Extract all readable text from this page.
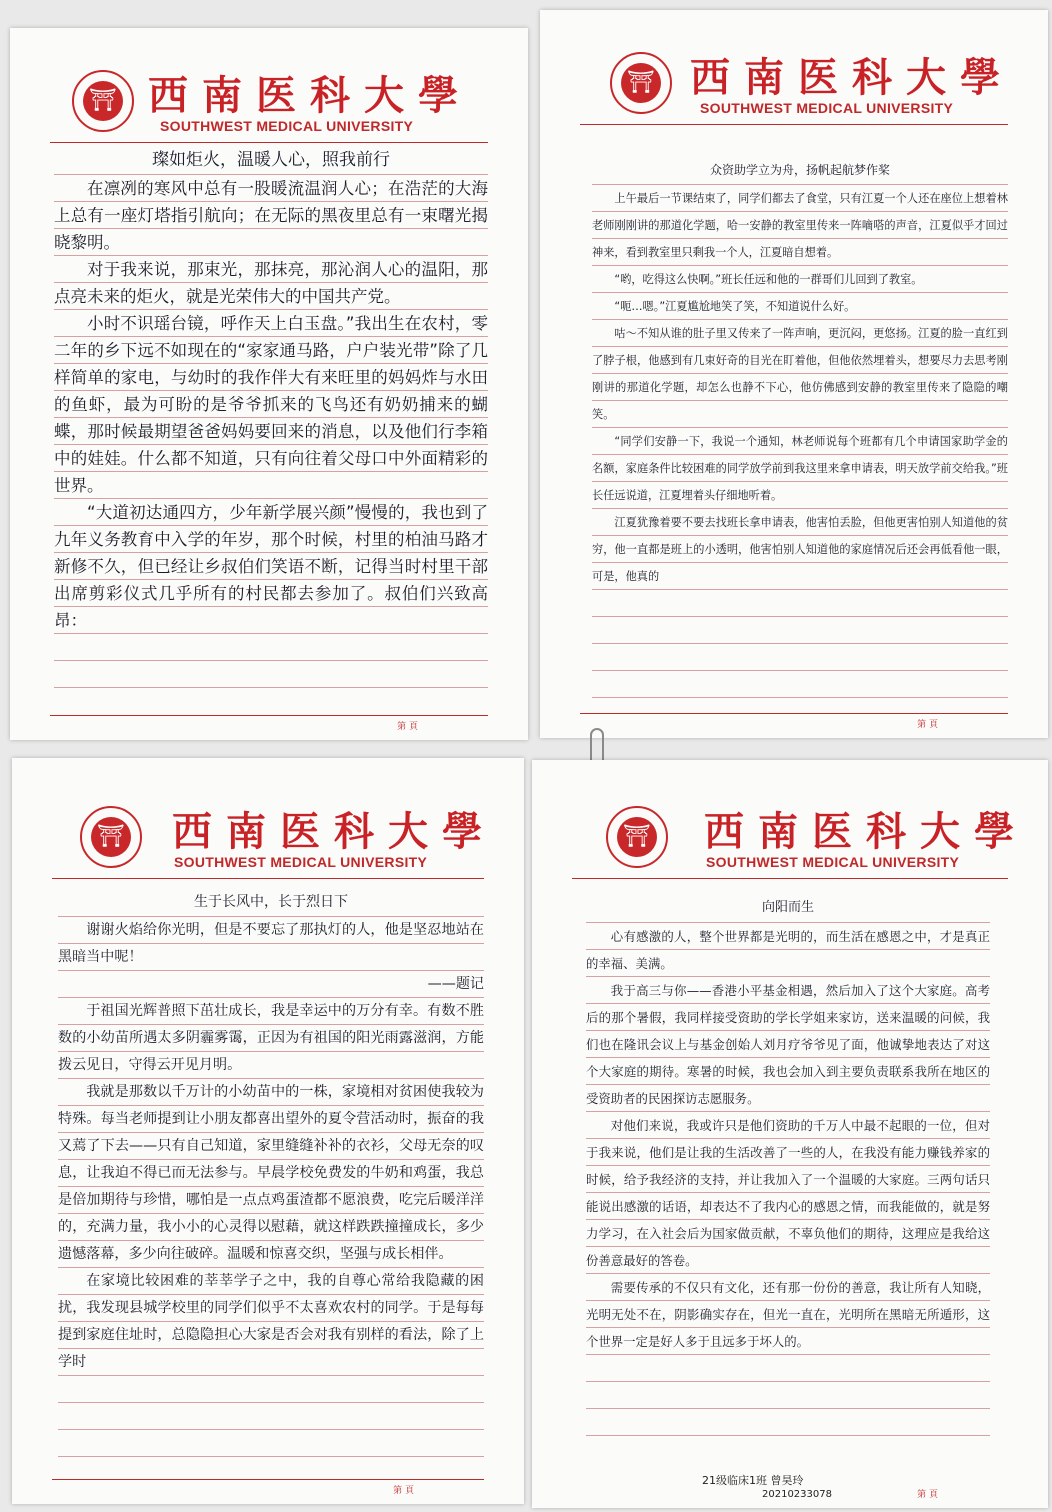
⛩ 西南医科大學
SOUTHWEST MEDICAL UNIVERSITY
璨如炬火，温暖人心，照我前行

在凛冽的寒风中总有一股暖流温润人心；在浩茫的大海上总有一座灯塔指引航向；在无际的黑夜里总有一束曙光揭晓黎明。

对于我来说，那束光，那抹亮，那沁润人心的温阳，那点亮未来的炬火，就是光荣伟大的中国共产党。

小时不识瑶台镜，呼作天上白玉盘。”我出生在农村，零二年的乡下远不如现在的“家家通马路，户户装光带”除了几样简单的家电，与幼时的我作伴大有来旺里的妈妈炸与水田的鱼虾，最为可盼的是爷爷抓来的飞鸟还有奶奶捕来的蝴蝶，那时候最期望爸爸妈妈要回来的消息，以及他们行李箱中的娃娃。什么都不知道，只有向往着父母口中外面精彩的世界。

“大道初达通四方，少年新学展兴颜”慢慢的，我也到了九年义务教育中入学的年岁，那个时候，村里的柏油马路才新修不久，但已经让乡叔伯们笑语不断，记得当时村里干部出席剪彩仪式几乎所有的村民都去参加了。叔伯们兴致高昂：

第 頁
⛩ 西南医科大學
SOUTHWEST MEDICAL UNIVERSITY
众资助学立为舟，扬帆起航梦作桨

上午最后一节课结束了，同学们都去了食堂，只有江夏一个人还在座位上想着林老师刚刚讲的那道化学题，哈一安静的教室里传来一阵嘀嗒的声音，江夏似乎才回过神来，看到教室里只剩我一个人，江夏暗自想着。

“哟，吃得这么快啊。”班长任远和他的一群哥们儿回到了教室。

“呃…嗯。”江夏尴尬地笑了笑，不知道说什么好。

咕～不知从谁的肚子里又传来了一阵声响，更沉闷，更悠扬。江夏的脸一直红到了脖子根，他感到有几束好奇的目光在盯着他，但他依然埋着头，想要尽力去思考刚刚讲的那道化学题，却怎么也静不下心，他仿佛感到安静的教室里传来了隐隐的嘲笑。

“同学们安静一下，我说一个通知，林老师说每个班都有几个申请国家助学金的名额，家庭条件比较困难的同学放学前到我这里来拿申请表，明天放学前交给我。”班长任远说道，江夏埋着头仔细地听着。

江夏犹豫着要不要去找班长拿申请表，他害怕丢脸，但他更害怕别人知道他的贫穷，他一直都是班上的小透明，他害怕别人知道他的家庭情况后还会再低看他一眼，可是，他真的

第 頁
⛩ 西南医科大學
SOUTHWEST MEDICAL UNIVERSITY
生于长风中，长于烈日下

谢谢火焰给你光明，但是不要忘了那执灯的人，他是坚忍地站在黑暗当中呢！

——题记

于祖国光辉普照下茁壮成长，我是幸运中的万分有幸。有数不胜数的小幼苗所遇太多阴霾雾霭，正因为有祖国的阳光雨露滋润，方能拨云见日，守得云开见月明。

我就是那数以千万计的小幼苗中的一株，家境相对贫困使我较为特殊。每当老师提到让小朋友都喜出望外的夏令营活动时，振奋的我又蔫了下去——只有自己知道，家里缝缝补补的衣衫，父母无奈的叹息，让我迫不得已而无法参与。早晨学校免费发的牛奶和鸡蛋，我总是倍加期待与珍惜，哪怕是一点点鸡蛋渣都不愿浪费，吃完后暖洋洋的，充满力量，我小小的心灵得以慰藉，就这样跌跌撞撞成长，多少遗憾落幕，多少向往破碎。温暖和惊喜交织，坚强与成长相伴。

在家境比较困难的莘莘学子之中，我的自尊心常给我隐藏的困扰，我发现县城学校里的同学们似乎不太喜欢农村的同学。于是每每提到家庭住址时，总隐隐担心大家是否会对我有别样的看法，除了上学时

第 頁
⛩ 西南医科大學
SOUTHWEST MEDICAL UNIVERSITY
向阳而生

心有感激的人，整个世界都是光明的，而生活在感恩之中，才是真正的幸福、美满。

我于高三与你——香港小平基金相遇，然后加入了这个大家庭。高考后的那个暑假，我同样接受资助的学长学姐来家访，送来温暖的问候，我们也在隆讯会议上与基金创始人刘月疗爷爷见了面，他诚挚地表达了对这个大家庭的期待。寒暑的时候，我也会加入到主要负责联系我所在地区的受资助者的民困探访志愿服务。

对他们来说，我或许只是他们资助的千万人中最不起眼的一位，但对于我来说，他们是让我的生活改善了一些的人，在我没有能力赚钱养家的时候，给予我经济的支持，并让我加入了一个温暖的大家庭。三两句话只能说出感激的话语，却表达不了我内心的感恩之情，而我能做的，就是努力学习，在入社会后为国家做贡献，不辜负他们的期待，这理应是我给这份善意最好的答卷。

需要传承的不仅只有文化，还有那一份份的善意，我让所有人知晓，光明无处不在，阴影确实存在，但光一直在，光明所在黑暗无所遁形，这个世界一定是好人多于且远多于坏人的。

21级临床1班 曾昊玲
20210233078	第 頁
